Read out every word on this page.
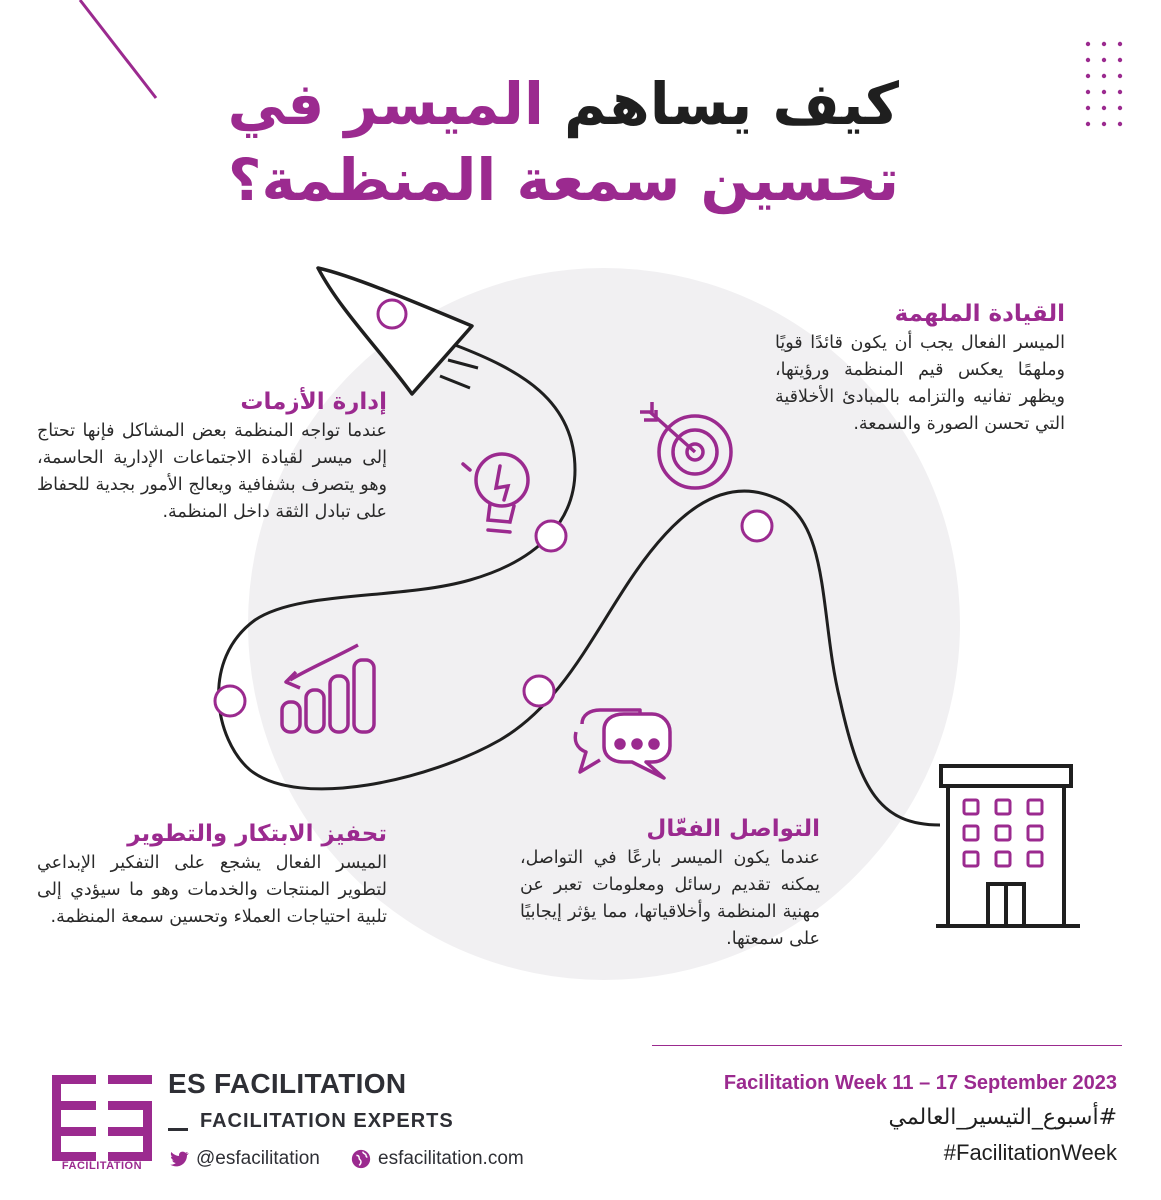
كيف يساهم الميسر في
تحسين سمعة المنظمة؟
القيادة الملهمة
الميسر الفعال يجب أن يكون قائدًا قويًا وملهمًا يعكس قيم المنظمة ورؤيتها، ويظهر تفانيه والتزامه بالمبادئ الأخلاقية التي تحسن الصورة والسمعة.
إدارة الأزمات
عندما تواجه المنظمة بعض المشاكل فإنها تحتاج إلى ميسر لقيادة الاجتماعات الإدارية الحاسمة، وهو يتصرف بشفافية ويعالج الأمور بجدية للحفاظ على تبادل الثقة داخل المنظمة.
تحفيز الابتكار والتطوير
الميسر الفعال يشجع على التفكير الإبداعي لتطوير المنتجات والخدمات وهو ما سيؤدي إلى تلبية احتياجات العملاء وتحسين سمعة المنظمة.
التواصل الفعّال
عندما يكون الميسر بارعًا في التواصل، يمكنه تقديم رسائل ومعلومات تعبر عن مهنية المنظمة وأخلاقياتها، مما يؤثر إيجابيًا على سمعتها.
FACILITATION
ES FACILITATION
FACILITATION EXPERTS
@esfacilitation	esfacilitation.com
Facilitation Week 11 – 17 September 2023
#أسبوع_التيسير_العالمي
#FacilitationWeek
